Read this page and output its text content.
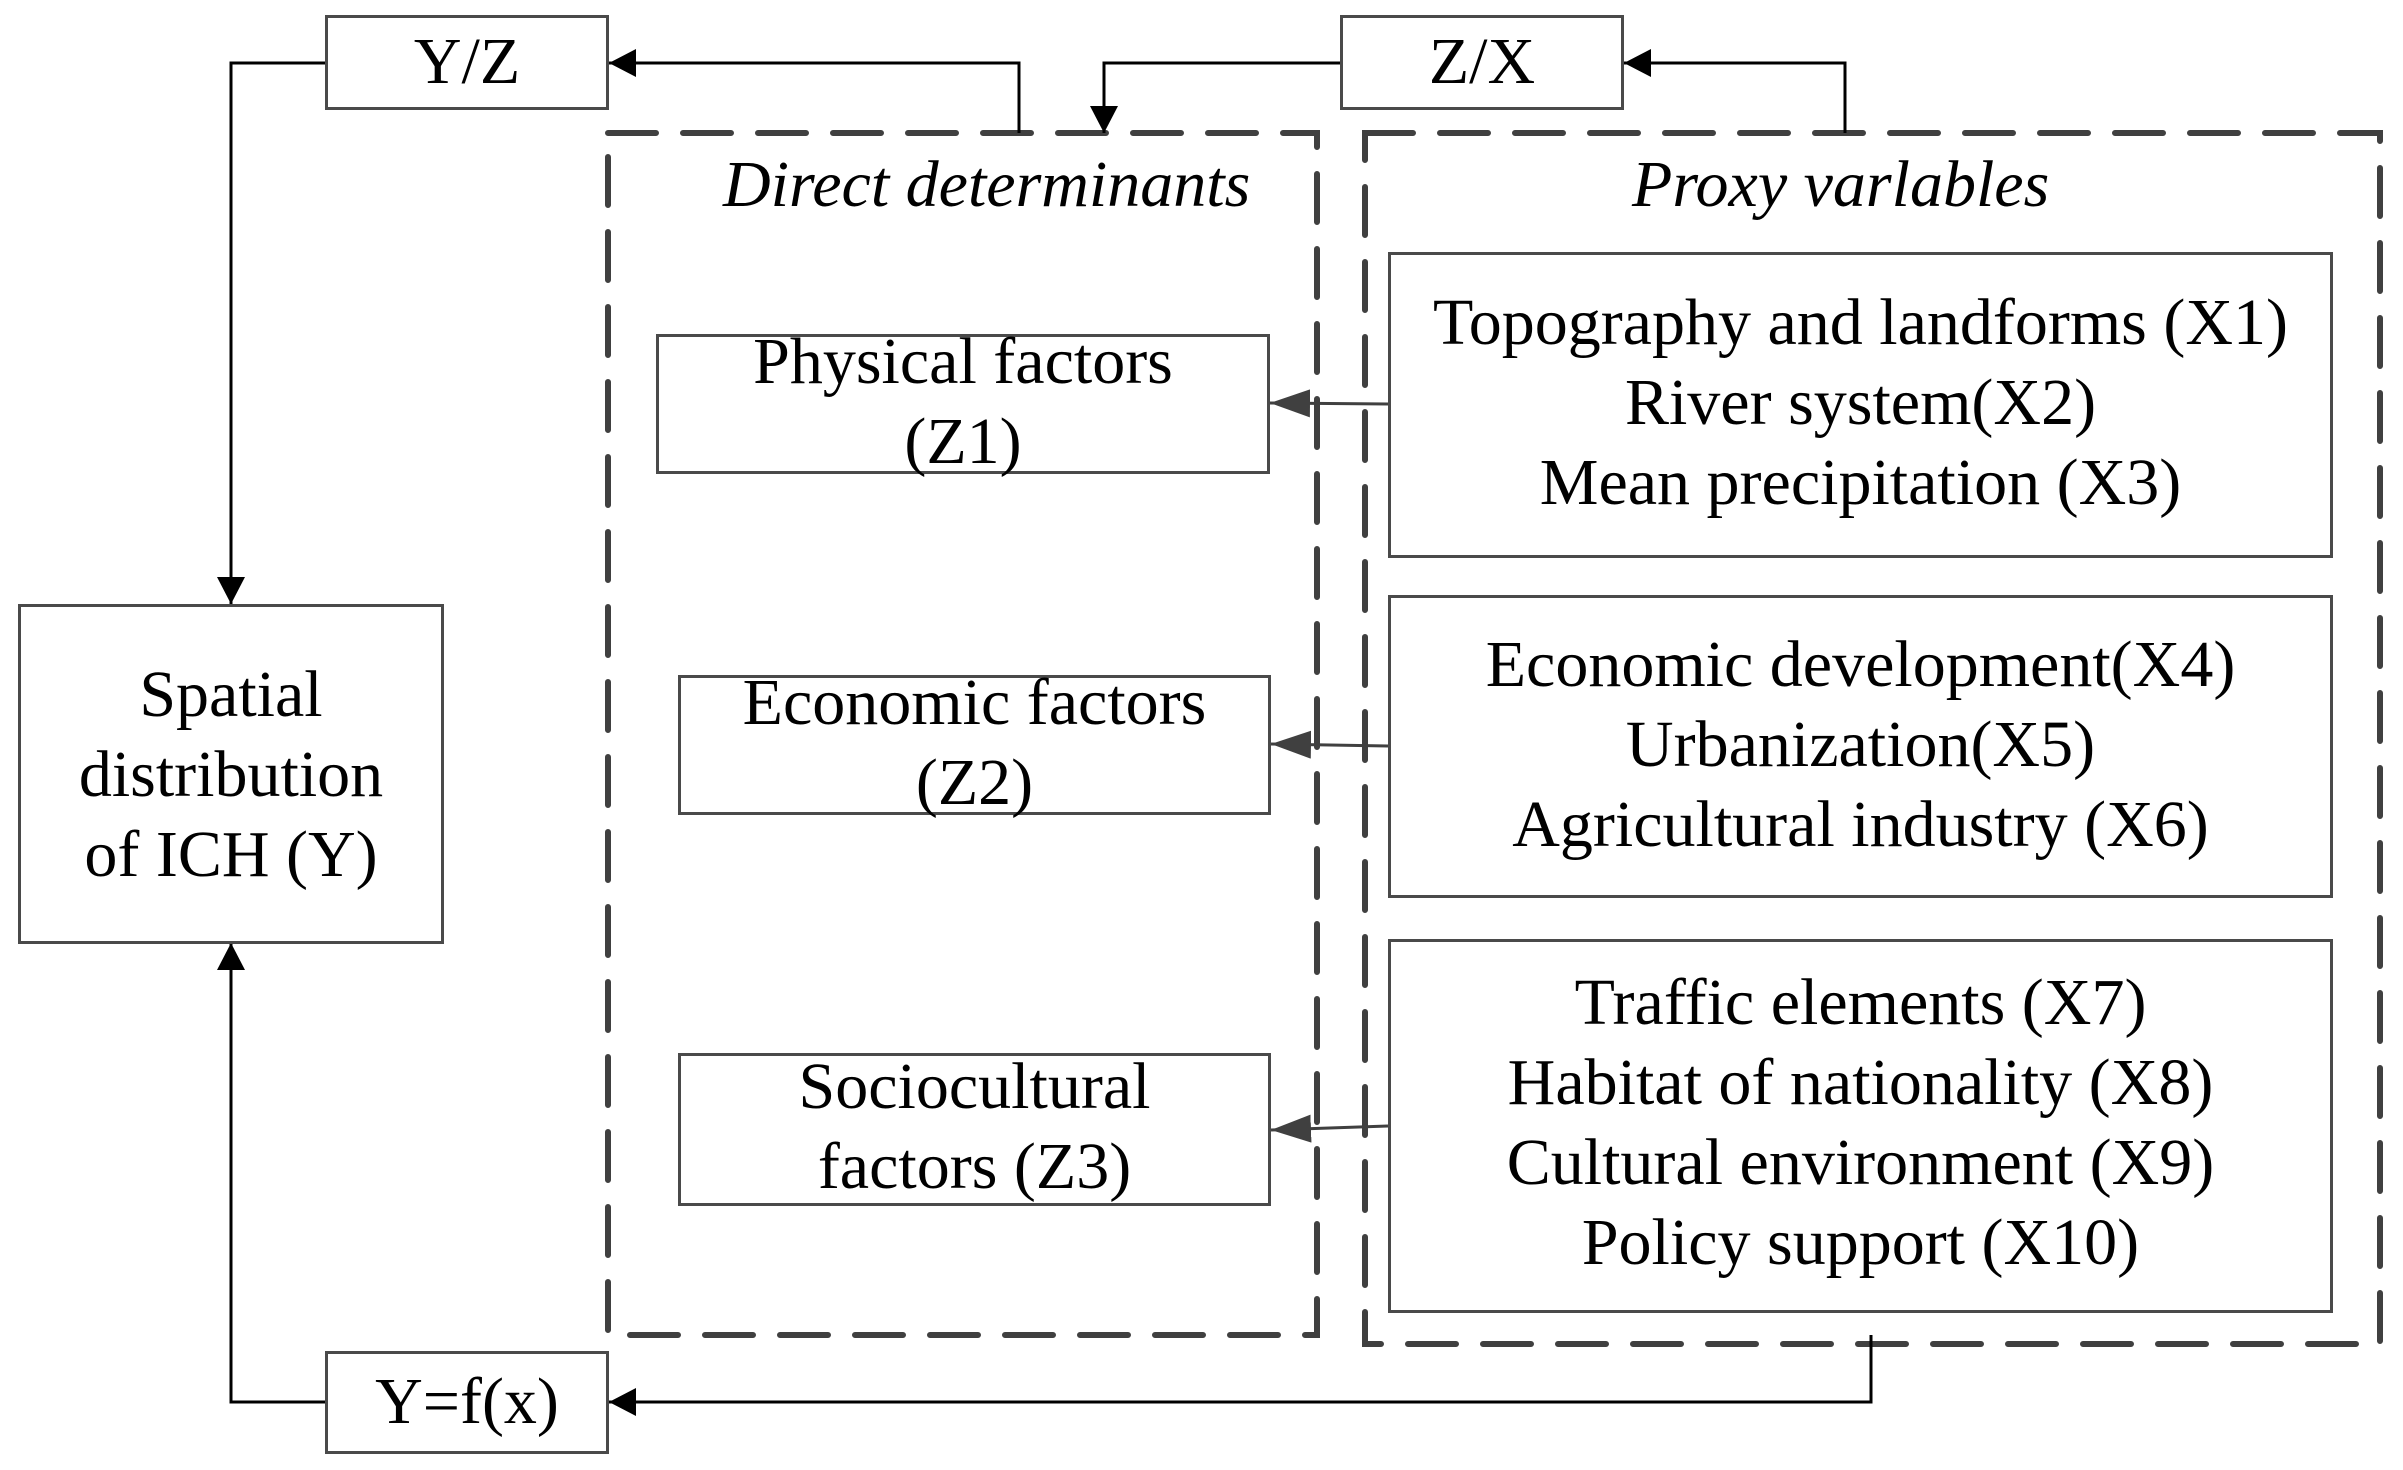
Y/Z	Z/X
Y=f(x)
Spatial
distribution
of ICH (Y)
Direct determinants	Proxy varlables
Physical factors
(Z1)
Economic factors
(Z2)
Sociocultural
factors (Z3)
Topography and landforms (X1)
River system(X2)
Mean precipitation (X3)
Economic development(X4)
Urbanization(X5)
Agricultural industry (X6)
Traffic elements (X7)
Habitat of nationality (X8)
Cultural environment (X9)
Policy support (X10)
